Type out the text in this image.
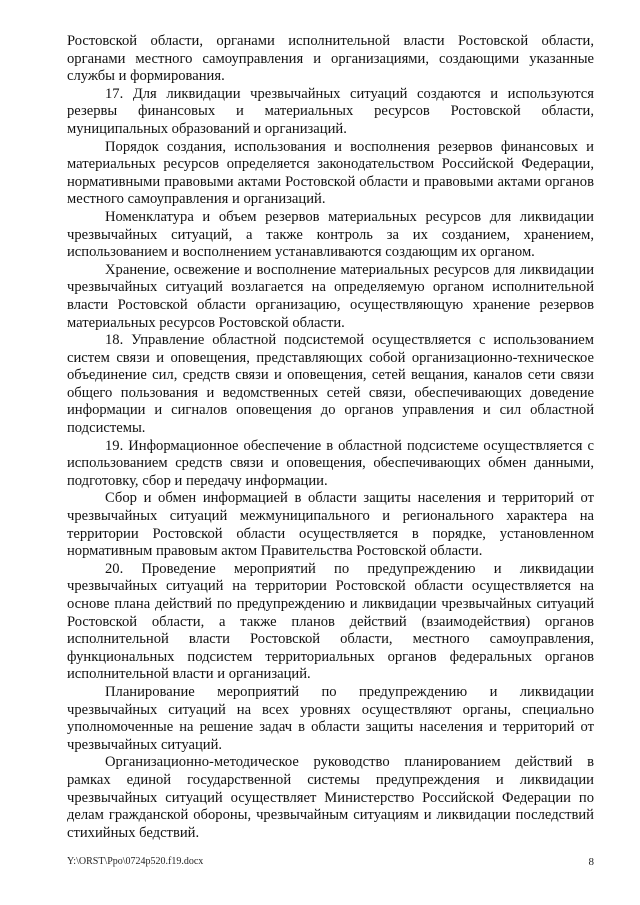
Ростовской области, органами исполнительной власти Ростовской области, органами местного самоуправления и организациями, создающими указанные службы и формирования.

17. Для ликвидации чрезвычайных ситуаций создаются и используются резервы финансовых и материальных ресурсов Ростовской области, муниципальных образований и организаций.

Порядок создания, использования и восполнения резервов финансовых и материальных ресурсов определяется законодательством Российской Федерации, нормативными правовыми актами Ростовской области и правовыми актами органов местного самоуправления и организаций.

Номенклатура и объем резервов материальных ресурсов для ликвидации чрезвычайных ситуаций, а также контроль за их созданием, хранением, использованием и восполнением устанавливаются создающим их органом.

Хранение, освежение и восполнение материальных ресурсов для ликвидации чрезвычайных ситуаций возлагается на определяемую органом исполнительной власти Ростовской области организацию, осуществляющую хранение резервов материальных ресурсов Ростовской области.

18. Управление областной подсистемой осуществляется с использованием систем связи и оповещения, представляющих собой организационно-техническое объединение сил, средств связи и оповещения, сетей вещания, каналов сети связи общего пользования и ведомственных сетей связи, обеспечивающих доведение информации и сигналов оповещения до органов управления и сил областной подсистемы.

19. Информационное обеспечение в областной подсистеме осуществляется с использованием средств связи и оповещения, обеспечивающих обмен данными, подготовку, сбор и передачу информации.

Сбор и обмен информацией в области защиты населения и территорий от чрезвычайных ситуаций межмуниципального и регионального характера на территории Ростовской области осуществляется в порядке, установленном нормативным правовым актом Правительства Ростовской области.

20. Проведение мероприятий по предупреждению и ликвидации чрезвычайных ситуаций на территории Ростовской области осуществляется на основе плана действий по предупреждению и ликвидации чрезвычайных ситуаций Ростовской области, а также планов действий (взаимодействия) органов исполнительной власти Ростовской области, местного самоуправления, функциональных подсистем территориальных органов федеральных органов исполнительной власти и организаций.

Планирование мероприятий по предупреждению и ликвидации чрезвычайных ситуаций на всех уровнях осуществляют органы, специально уполномоченные на решение задач в области защиты населения и территорий от чрезвычайных ситуаций.

Организационно-методическое руководство планированием действий в рамках единой государственной системы предупреждения и ликвидации чрезвычайных ситуаций осуществляет Министерство Российской Федерации по делам гражданской обороны, чрезвычайным ситуациям и ликвидации последствий стихийных бедствий.

Y:\ORST\Ppo\0724p520.f19.docx	8
